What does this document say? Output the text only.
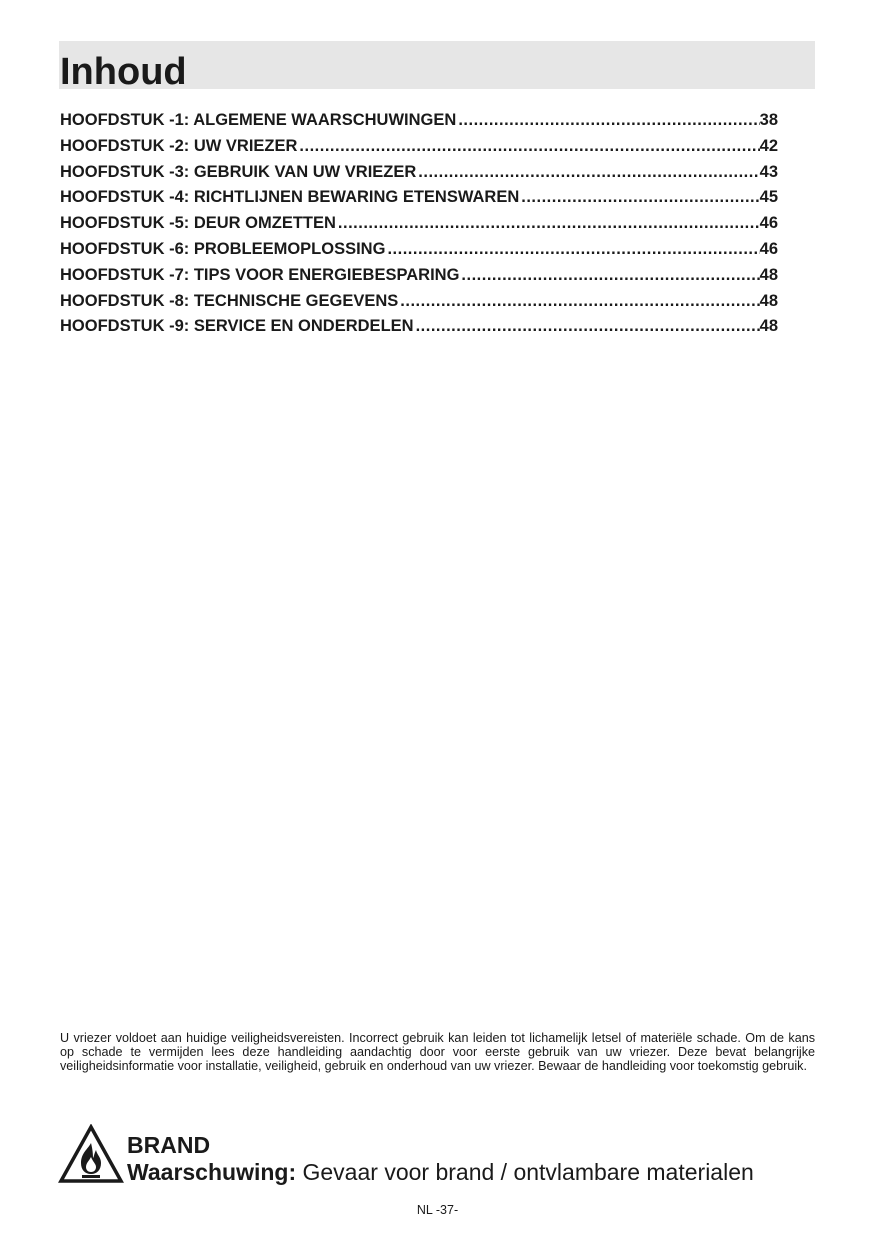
Inhoud
HOOFDSTUK -1: ALGEMENE WAARSCHUWINGEN .....	38
HOOFDSTUK -2: UW VRIEZER .....	42
HOOFDSTUK -3: GEBRUIK VAN UW VRIEZER .....	43
HOOFDSTUK -4: RICHTLIJNEN BEWARING ETENSWAREN .....	45
HOOFDSTUK -5: DEUR OMZETTEN .....	46
HOOFDSTUK -6: PROBLEEMOPLOSSING .....	46
HOOFDSTUK -7: TIPS VOOR ENERGIEBESPARING .....	48
HOOFDSTUK -8: TECHNISCHE GEGEVENS .....	48
HOOFDSTUK -9: SERVICE EN ONDERDELEN .....	48

U vriezer voldoet aan huidige veiligheidsvereisten. Incorrect gebruik kan leiden tot lichamelijk letsel of materiële schade. Om de kans op schade te vermijden lees deze handleiding aandachtig door voor eerste gebruik van uw vriezer. Deze bevat belangrijke veiligheidsinformatie voor installatie, veiligheid, gebruik en onderhoud van uw vriezer. Bewaar de handleiding voor toekomstig gebruik.

BRAND

Waarschuwing: Gevaar voor brand / ontvlambare materialen

NL -37-
